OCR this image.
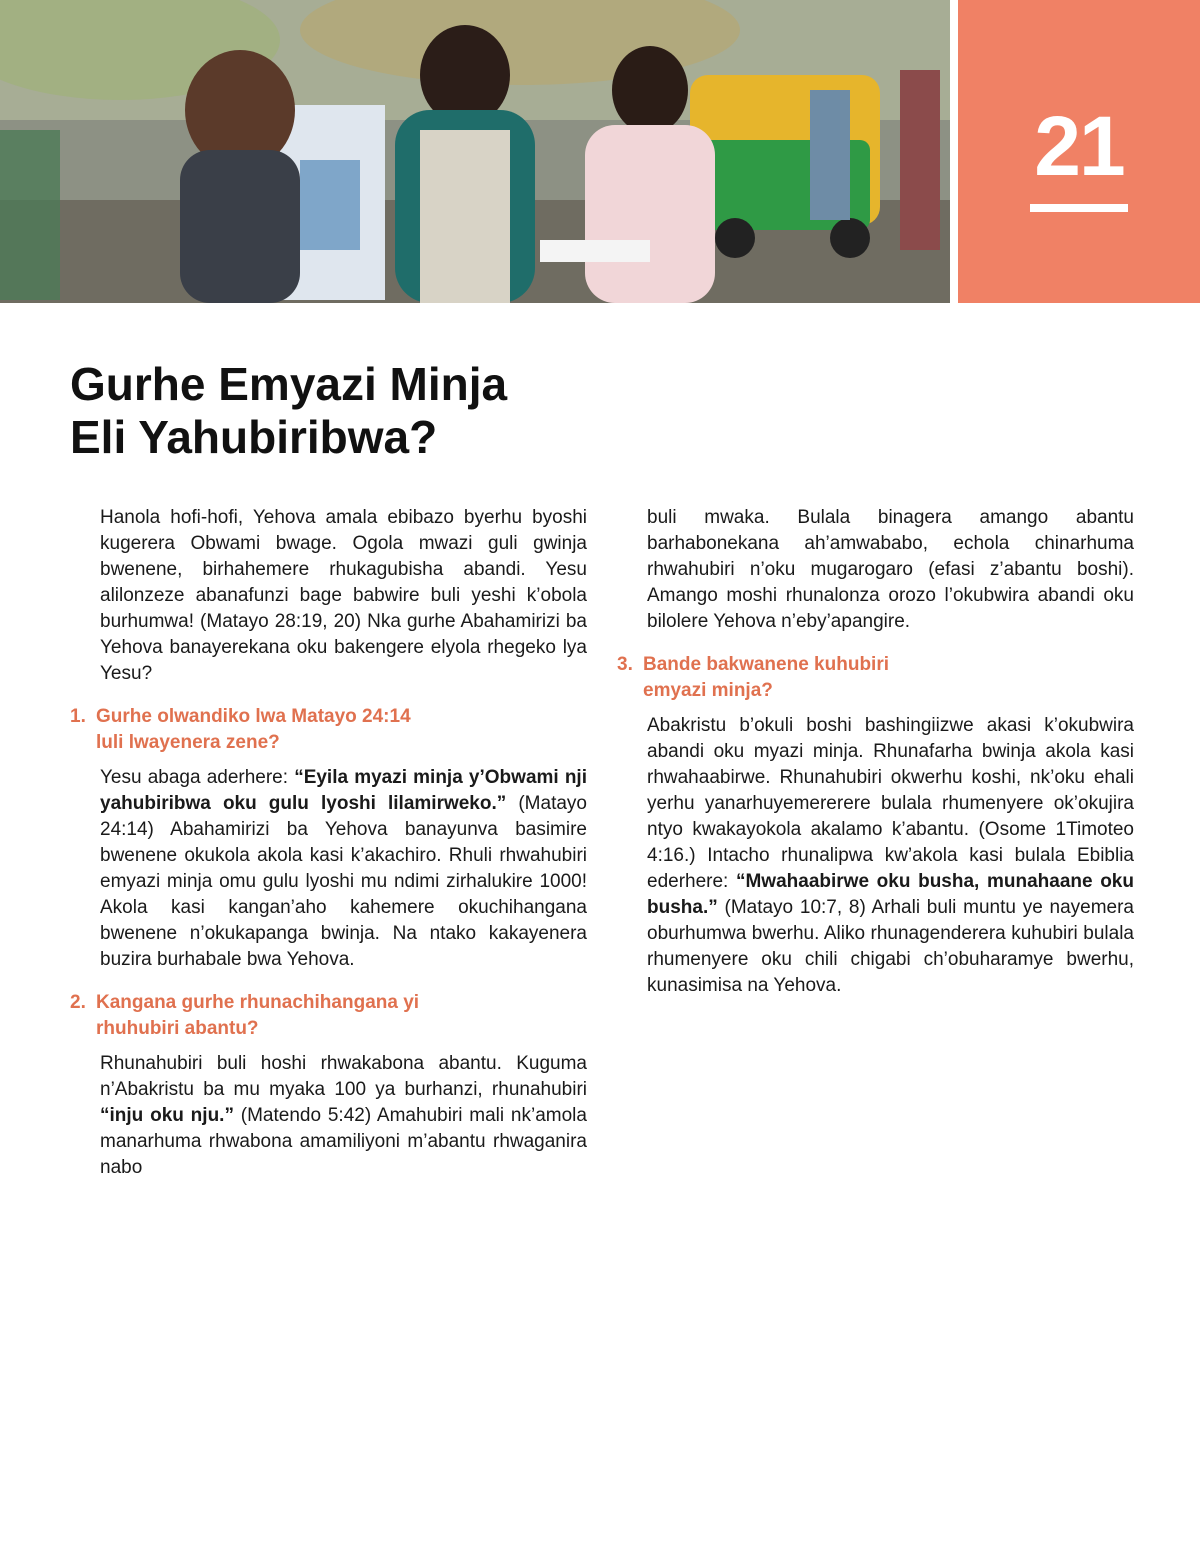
21
Gurhe Emyazi Minja
Eli Yahubiribwa?

Hanola hofi-hofi, Yehova amala ebibazo byerhu byoshi kugerera Obwami bwage. Ogola mwazi guli gwinja bwenene, birhahemere rhukagubisha abandi. Yesu alilonzeze abanafunzi bage babwire buli yeshi k’obola burhumwa! (Matayo 28:19, 20) Nka gurhe Abahamirizi ba Yehova banayerekana oku bakengere elyola rhegeko lya Yesu?

1. Gurhe olwandiko lwa Matayo 24:14
luli lwayenera zene?

Yesu abaga aderhere: “Eyila myazi minja y’Obwami nji yahubiribwa oku gulu lyoshi lilamirweko.” (Matayo 24:14) Abahamirizi ba Yehova banayunva basimire bwenene okukola akola kasi k’akachiro. Rhuli rhwahubiri emyazi minja omu gulu lyoshi mu ndimi zirhalukire 1000! Akola kasi kangan’aho kahemere okuchihangana bwenene n’okukapanga bwinja. Na ntako kakayenera buzira burhabale bwa Yehova.

2. Kangana gurhe rhunachihangana yi
rhuhubiri abantu?

Rhunahubiri buli hoshi rhwakabona abantu. Kuguma n’Abakristu ba mu myaka 100 ya burhanzi, rhunahubiri “inju oku nju.” (Matendo 5:42) Amahubiri mali nk’amola manarhuma rhwabona amamiliyoni m’abantu rhwaganira nabo

buli mwaka. Bulala binagera amango abantu barhabonekana ah’amwababo, echola chinarhuma rhwahubiri n’oku mugarogaro (efasi z’abantu boshi). Amango moshi rhunalonza orozo l’okubwira abandi oku bilolere Yehova n’eby’apangire.

3. Bande bakwanene kuhubiri
emyazi minja?

Abakristu b’okuli boshi bashingiizwe akasi k’okubwira abandi oku myazi minja. Rhunafarha bwinja akola kasi rhwahaabirwe. Rhunahubiri okwerhu koshi, nk’oku ehali yerhu yanarhuyemererere bulala rhumenyere ok’okujira ntyo kwakayokola akalamo k’abantu. (Osome 1Timoteo 4:16.) Intacho rhunalipwa kw’akola kasi bulala Ebiblia ederhere: “Mwahaabirwe oku busha, munahaane oku busha.” (Matayo 10:7, 8) Arhali buli muntu ye nayemera oburhumwa bwerhu. Aliko rhunagenderera kuhubiri bulala rhumenyere oku chili chigabi ch’obuharamye bwerhu, kunasimisa na Yehova.
